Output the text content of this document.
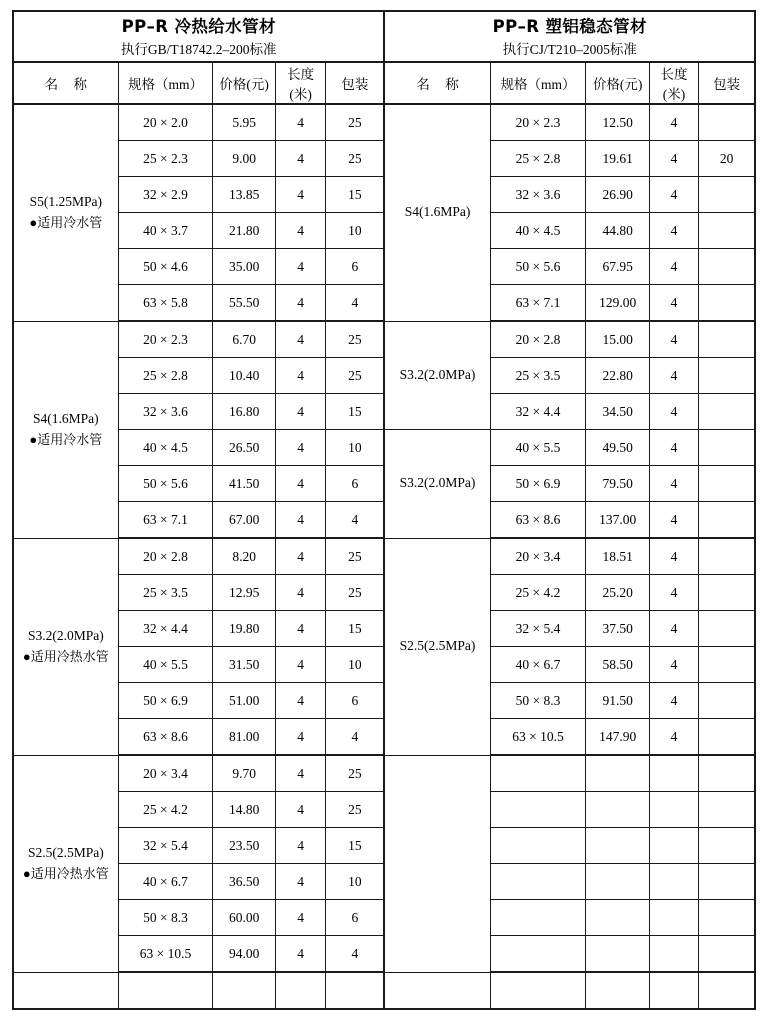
PP–R 冷热给水管材
执行GB/T18742.2–200标准
名 称	规格（mm）	价格(元)	长度(米)	包装

S5(1.25MPa)
●适用冷水管	20 × 2.0	5.95	4	25
	25 × 2.3	9.00	4	25
	32 × 2.9	13.85	4	15
	40 × 3.7	21.80	4	10
	50 × 4.6	35.00	4	6
	63 × 5.8	55.50	4	4

S4(1.6MPa)
●适用冷水管	20 × 2.3	6.70	4	25
	25 × 2.8	10.40	4	25
	32 × 3.6	16.80	4	15
	40 × 4.5	26.50	4	10
	50 × 5.6	41.50	4	6
	63 × 7.1	67.00	4	4

S3.2(2.0MPa)
●适用冷热水管	20 × 2.8	8.20	4	25
	25 × 3.5	12.95	4	25
	32 × 4.4	19.80	4	15
	40 × 5.5	31.50	4	10
	50 × 6.9	51.00	4	6
	63 × 8.6	81.00	4	4

S2.5(2.5MPa)
●适用冷热水管	20 × 3.4	9.70	4	25
	25 × 4.2	14.80	4	25
	32 × 5.4	23.50	4	15
	40 × 6.7	36.50	4	10
	50 × 8.3	60.00	4	6
	63 × 10.5	94.00	4	4

PP–R 塑铝稳态管材
执行CJ/T210–2005标准
名 称	规格（mm）	价格(元)	长度(米)	包装

S4(1.6MPa)	20 × 2.3	12.50	4	
	25 × 2.8	19.61	4	20
	32 × 3.6	26.90	4	
	40 × 4.5	44.80	4	
	50 × 5.6	67.95	4	
	63 × 7.1	129.00	4	

S3.2(2.0MPa)	20 × 2.8	15.00	4	
	25 × 3.5	22.80	4	
	32 × 4.4	34.50	4	

S3.2(2.0MPa)	40 × 5.5	49.50	4	
	50 × 6.9	79.50	4	
	63 × 8.6	137.00	4	

S2.5(2.5MPa)	20 × 3.4	18.51	4	
	25 × 4.2	25.20	4	
	32 × 5.4	37.50	4	
	40 × 6.7	58.50	4	
	50 × 8.3	91.50	4	
	63 × 10.5	147.90	4	
